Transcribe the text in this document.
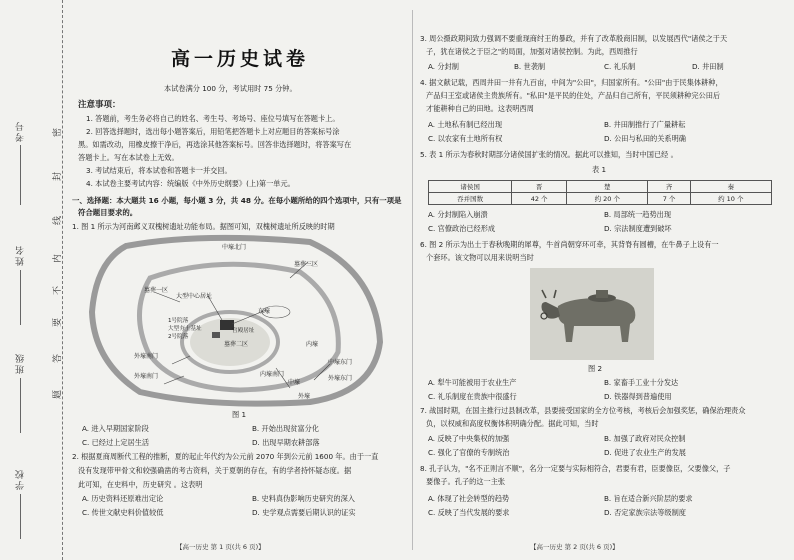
考号
姓名
班级
学校
密
封
线
内
不
要
答
题
高一历史试卷
本试卷满分 100 分，考试用时 75 分钟。
注意事项：
1. 答题前，考生务必将自己的姓名、考生号、考场号、座位号填写在答题卡上。
2. 回答选择题时，选出每小题答案后，用铅笔把答题卡上对应题目的答案标号涂
黑。如需改动，用橡皮擦干净后，再选涂其他答案标号。回答非选择题时，将答案写在
答题卡上。写在本试卷上无效。
3. 考试结束后，将本试卷和答题卡一并交回。
4. 本试卷主要考试内容：统编版《中外历史纲要》(上)第一单元。
一、选择题：本大题共 16 小题，每小题 3 分，共 48 分。在每小题所给的四个选项中，只有一项是
符合题目要求的。
1. 图 1 所示为河南邺义双槐树遗址功能布局。据图可知，双槐树遗址所反映的时期
中壕北门
东壕
墓葬一区
大型中心居址
宫殿居址
1号院落
大型夯土基址
2号院落
墓葬二区
墓葬三区
内壕
中壕东门
外壕南门
外壕南门	内壕南门
中壕
外壕
外壕东门
图 1
A. 进入早期国家阶段	B. 开始出现贫富分化
C. 已经过上定居生活	D. 出现早期农耕部落
2. 根据夏商周断代工程的推断，夏的起止年代约为公元前 2070 年到公元前 1600 年。由于一直
没有发现带甲骨文和较强确凿的考古资料，关于夏朝的存在，有的学者持怀疑态度。据
此可知，在史料中，历史研究 。这表明
A. 历史资料还原难出定论	B. 史料真伪影响历史研究的深入
C. 传世文献史料价值较低	D. 史学观点需要后期认识的证实
【高一历史 第 1 页(共 6 页)】
3. 周公摄政期间致力强调不要重现商纣王的暴政，并有了改革殷商旧制，以发展西代"诸侯之于天
子，犹在诸侯之于臣之"的局面，加强对诸侯控制。为此，西周推行
A. 分封制	B. 世袭制	C. 礼乐制	D. 井田制
4. 据文献记载，西周井田一井有九百亩，中间为"公田"，归国家所有。"公田"由于民集体耕种，
产品归王室或诸侯主贵族所有。"私田"是平民的住处，产品归自己所有，平民须耕种完公田后
才能耕种自己的田地。这表明西周
A. 土地私有制已经出现	B. 井田制推行了广量耕耘
C. 以农家有土地所有权	D. 公田与私田的关系明确
5. 表 1 所示为春秋时期部分诸侯国扩张的情况。据此可以推知，当时中国已经 。
表 1
诸侯国	晋	楚	齐	秦
吞并国数	42 个	约 20 个	7 个	约 10 个
A. 分封制陷入崩溃	B. 局部统一趋势出现
C. 官僚政治已经形成	D. 宗法制度遭到破坏
6. 图 2 所示为出土于春秋晚期的犀尊，牛首尚朝穿环可牵，其背脊有圆槽，在牛鼻子上设有一
个套环。该文物可以用来说明当时
图 2
A. 犁牛可能被用于农业生产	B. 家畜手工业十分发达
C. 礼乐制度在贵族中很盛行	D. 铁器得到普遍使用
7. 战国时期，在国主推行过县制改革，县要接受国家的全方位考核，考核后会加强奖惩，确保治理责众
负，以权威和高度权衡体积明确分配。据此可知，当时
A. 反映了中央集权的加强	B. 加强了政府对民众控制
C. 强化了官僚的专制统治	D. 促进了农业生产的发展
8. 孔子认为，"名不正则言不顺"，名分一定要与实际相符合，君要有君，臣要像臣，父要像父，子
要像子。孔子的这一主张
A. 体现了社会转型的趋势	B. 旨在适合新兴阶层的要求
C. 反映了当代发展的要求	D. 否定家族宗法等级制度
【高一历史 第 2 页(共 6 页)】
